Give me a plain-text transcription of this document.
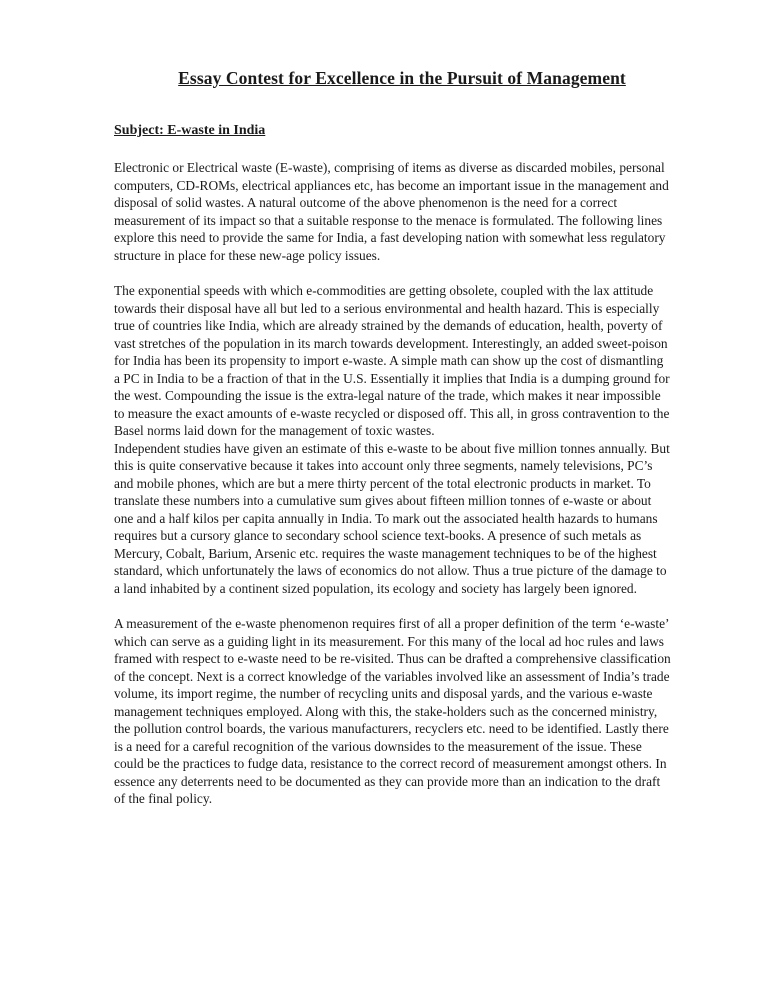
Essay Contest for Excellence in the Pursuit of Management

Subject: E-waste in India

Electronic or Electrical waste (E-waste), comprising of items as diverse as discarded mobiles, personal computers, CD-ROMs, electrical appliances etc, has become an important issue in the management and disposal of solid wastes. A natural outcome of the above phenomenon is the need for a correct measurement of its impact so that a suitable response to the menace is formulated. The following lines explore this need to provide the same for India, a fast developing nation with somewhat less regulatory structure in place for these new-age policy issues.

The exponential speeds with which e-commodities are getting obsolete, coupled with the lax attitude towards their disposal have all but led to a serious environmental and health hazard. This is especially true of countries like India, which are already strained by the demands of education, health, poverty of vast stretches of the population in its march towards development. Interestingly, an added sweet-poison for India has been its propensity to import e-waste. A simple math can show up the cost of dismantling a PC in India to be a fraction of that in the U.S. Essentially it implies that India is a dumping ground for the west. Compounding the issue is the extra-legal nature of the trade, which makes it near impossible to measure the exact amounts of e-waste recycled or disposed off. This all, in gross contravention to the Basel norms laid down for the management of toxic wastes.

Independent studies have given an estimate of this e-waste to be about five million tonnes annually. But this is quite conservative because it takes into account only three segments, namely televisions, PC’s and mobile phones, which are but a mere thirty percent of the total electronic products in market. To translate these numbers into a cumulative sum gives about fifteen million tonnes of e-waste or about one and a half kilos per capita annually in India. To mark out the associated health hazards to humans requires but a cursory glance to secondary school science text-books. A presence of such metals as Mercury, Cobalt, Barium, Arsenic etc. requires the waste management techniques to be of the highest standard, which unfortunately the laws of economics do not allow. Thus a true picture of the damage to a land inhabited by a continent sized population, its ecology and society has largely been ignored.

A measurement of the e-waste phenomenon requires first of all a proper definition of the term ‘e-waste’ which can serve as a guiding light in its measurement. For this many of the local ad hoc rules and laws framed with respect to e-waste need to be re-visited. Thus can be drafted a comprehensive classification of the concept. Next is a correct knowledge of the variables involved like an assessment of India’s trade volume, its import regime, the number of recycling units and disposal yards, and the various e-waste management techniques employed. Along with this, the stake-holders such as the concerned ministry, the pollution control boards, the various manufacturers, recyclers etc. need to be identified. Lastly there is a need for a careful recognition of the various downsides to the measurement of the issue. These could be the practices to fudge data, resistance to the correct record of measurement amongst others. In essence any deterrents need to be documented as they can provide more than an indication to the draft of the final policy.
